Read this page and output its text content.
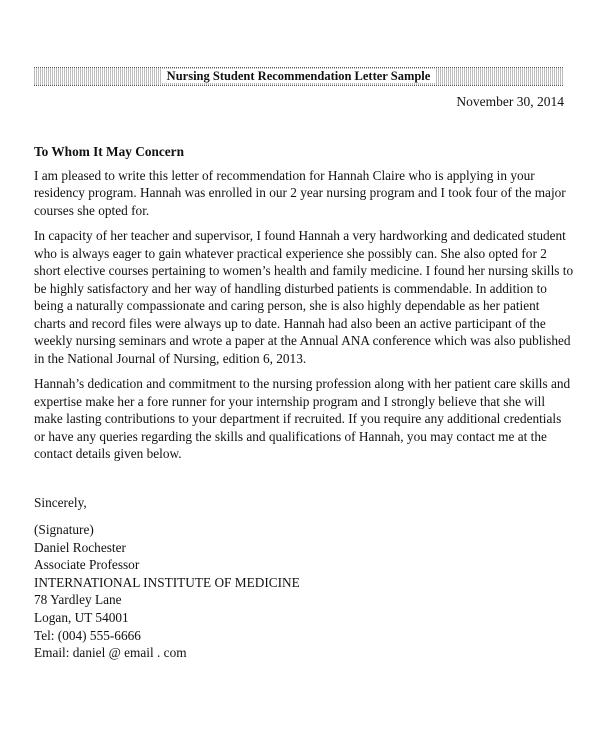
Nursing Student Recommendation Letter Sample
November 30, 2014

To Whom It May Concern

I am pleased to write this letter of recommendation for Hannah Claire who is applying in your residency program. Hannah was enrolled in our 2 year nursing program and I took four of the major courses she opted for.

In capacity of her teacher and supervisor, I found Hannah a very hardworking and dedicated student who is always eager to gain whatever practical experience she possibly can. She also opted for 2 short elective courses pertaining to women’s health and family medicine. I found her nursing skills to be highly satisfactory and her way of handling disturbed patients is commendable. In addition to being a naturally compassionate and caring person, she is also highly dependable as her patient charts and record files were always up to date. Hannah had also been an active participant of the weekly nursing seminars and wrote a paper at the Annual ANA conference which was also published in the National Journal of Nursing, edition 6, 2013.

Hannah’s dedication and commitment to the nursing profession along with her patient care skills and expertise make her a fore runner for your internship program and I strongly believe that she will make lasting contributions to your department if recruited. If you require any additional credentials or have any queries regarding the skills and qualifications of Hannah, you may contact me at the contact details given below.

Sincerely,

(Signature)
Daniel Rochester
Associate Professor
INTERNATIONAL INSTITUTE OF MEDICINE
78 Yardley Lane
Logan, UT 54001
Tel: (004) 555-6666
Email: daniel @ email . com
